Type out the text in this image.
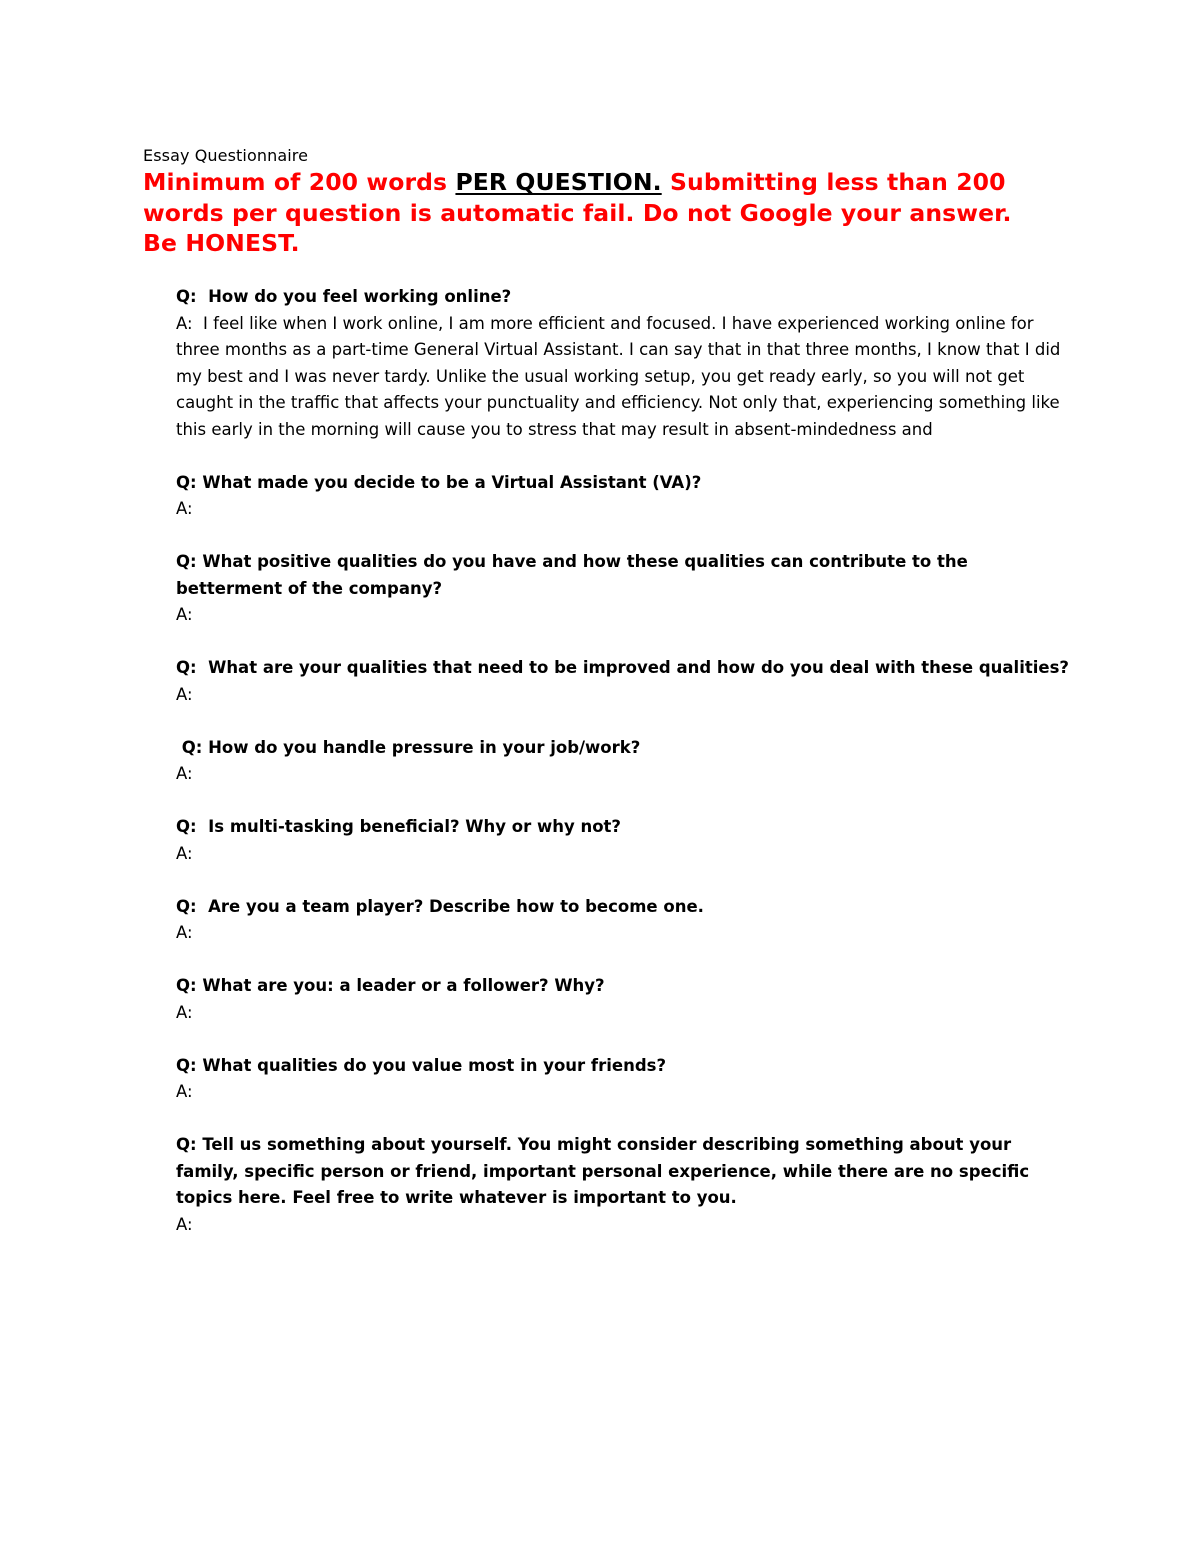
Essay Questionnaire
Minimum of 200 words PER QUESTION. Submitting less than 200 words per question is automatic fail. Do not Google your answer. Be HONEST.
Q:  How do you feel working online?
A:  I feel like when I work online, I am more efficient and focused. I have experienced working online for three months as a part-time General Virtual Assistant. I can say that in that three months, I know that I did my best and I was never tardy. Unlike the usual working setup, you get ready early, so you will not get caught in the traffic that affects your punctuality and efficiency. Not only that, experiencing something like this early in the morning will cause you to stress that may result in absent-mindedness and
Q: What made you decide to be a Virtual Assistant (VA)?
A:
Q: What positive qualities do you have and how these qualities can contribute to the betterment of the company?
A:
Q:  What are your qualities that need to be improved and how do you deal with these qualities?
A:
Q: How do you handle pressure in your job/work?
A:
Q:  Is multi-tasking beneficial? Why or why not?
A:
Q:  Are you a team player? Describe how to become one.
A:
Q: What are you: a leader or a follower? Why?
A:
Q: What qualities do you value most in your friends?
A:
Q: Tell us something about yourself. You might consider describing something about your family, specific person or friend, important personal experience, while there are no specific topics here. Feel free to write whatever is important to you.
A:
